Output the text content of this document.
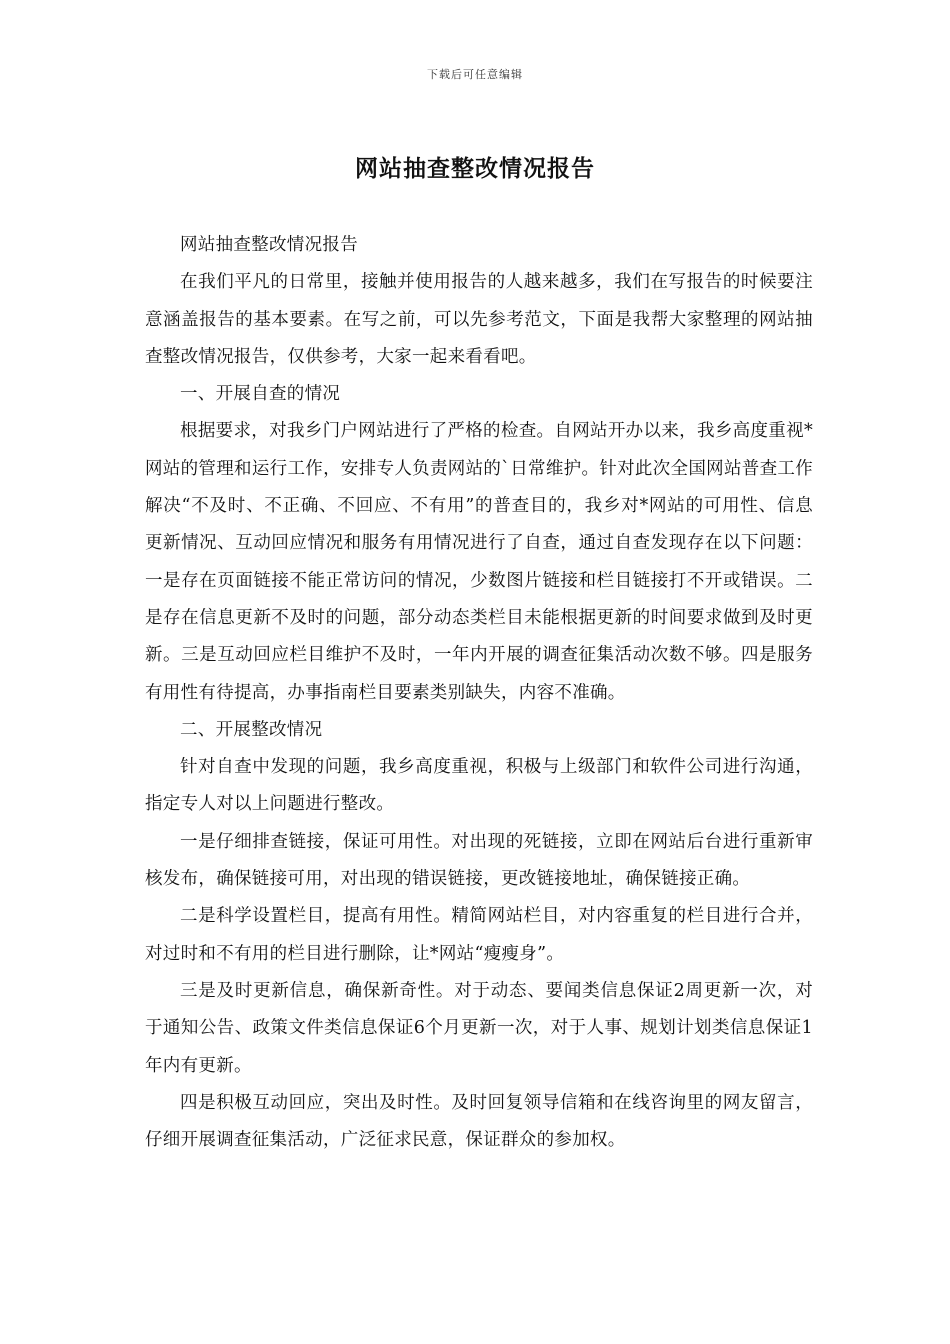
下载后可任意编辑
网站抽查整改情况报告

网站抽查整改情况报告

在我们平凡的日常里，接触并使用报告的人越来越多，我们在写报告的时候要注意涵盖报告的基本要素。在写之前，可以先参考范文，下面是我帮大家整理的网站抽查整改情况报告，仅供参考，大家一起来看看吧。

一、开展自查的情况

根据要求，对我乡门户网站进行了严格的检查。自网站开办以来，我乡高度重视*网站的管理和运行工作，安排专人负责网站的`日常维护。针对此次全国网站普查工作解决“不及时、不正确、不回应、不有用”的普查目的，我乡对*网站的可用性、信息更新情况、互动回应情况和服务有用情况进行了自查，通过自查发现存在以下问题：一是存在页面链接不能正常访问的情况，少数图片链接和栏目链接打不开或错误。二是存在信息更新不及时的问题，部分动态类栏目未能根据更新的时间要求做到及时更新。三是互动回应栏目维护不及时，一年内开展的调查征集活动次数不够。四是服务有用性有待提高，办事指南栏目要素类别缺失，内容不准确。

二、开展整改情况

针对自查中发现的问题，我乡高度重视，积极与上级部门和软件公司进行沟通，指定专人对以上问题进行整改。

一是仔细排查链接，保证可用性。对出现的死链接，立即在网站后台进行重新审核发布，确保链接可用，对出现的错误链接，更改链接地址，确保链接正确。

二是科学设置栏目，提高有用性。精简网站栏目，对内容重复的栏目进行合并，对过时和不有用的栏目进行删除，让*网站“瘦瘦身”。

三是及时更新信息，确保新奇性。对于动态、要闻类信息保证2周更新一次，对于通知公告、政策文件类信息保证6个月更新一次，对于人事、规划计划类信息保证1年内有更新。

四是积极互动回应，突出及时性。及时回复领导信箱和在线咨询里的网友留言，仔细开展调查征集活动，广泛征求民意，保证群众的参加权。
